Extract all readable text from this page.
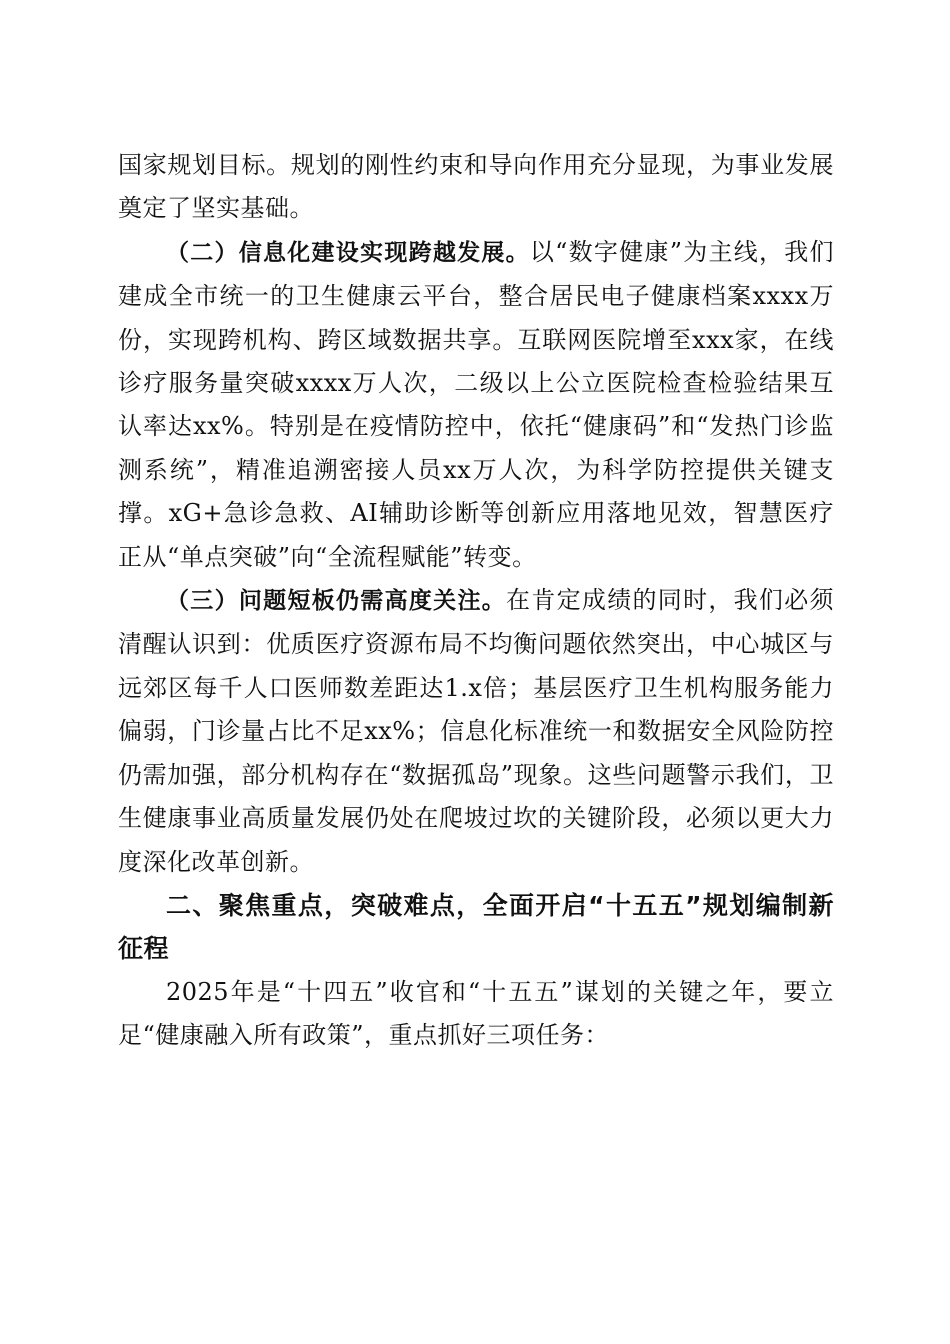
国家规划目标。规划的刚性约束和导向作用充分显现，为事业发展奠定了坚实基础。

（二）信息化建设实现跨越发展。以“数字健康”为主线，我们建成全市统一的卫生健康云平台，整合居民电子健康档案xxxx万份，实现跨机构、跨区域数据共享。互联网医院增至xxx家，在线诊疗服务量突破xxxx万人次，二级以上公立医院检查检验结果互认率达xx%。特别是在疫情防控中，依托“健康码”和“发热门诊监测系统”，精准追溯密接人员xx万人次，为科学防控提供关键支撑。xG+急诊急救、AI辅助诊断等创新应用落地见效，智慧医疗正从“单点突破”向“全流程赋能”转变。

（三）问题短板仍需高度关注。在肯定成绩的同时，我们必须清醒认识到：优质医疗资源布局不均衡问题依然突出，中心城区与远郊区每千人口医师数差距达1.x倍；基层医疗卫生机构服务能力偏弱，门诊量占比不足xx%；信息化标准统一和数据安全风险防控仍需加强，部分机构存在“数据孤岛”现象。这些问题警示我们，卫生健康事业高质量发展仍处在爬坡过坎的关键阶段，必须以更大力度深化改革创新。

二、聚焦重点，突破难点，全面开启“十五五”规划编制新征程

2025年是“十四五”收官和“十五五”谋划的关键之年，要立足“健康融入所有政策”，重点抓好三项任务：
